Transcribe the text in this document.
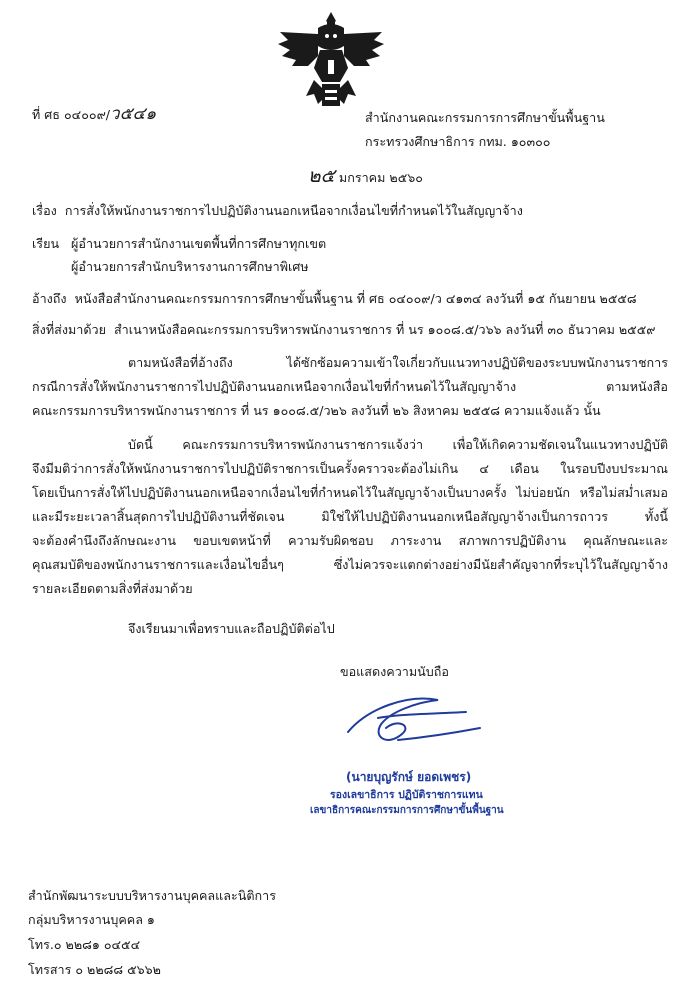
ที่ ศธ ๐๔๐๐๙/ว๕๔๑	สำนักงานคณะกรรมการการศึกษาขั้นพื้นฐาน
กระทรวงศึกษาธิการ กทม. ๑๐๓๐๐
๒๕ มกราคม ๒๕๖๐
เรื่อง การสั่งให้พนักงานราชการไปปฏิบัติงานนอกเหนือจากเงื่อนไขที่กำหนดไว้ในสัญญาจ้าง
เรียน ผู้อำนวยการสำนักงานเขตพื้นที่การศึกษาทุกเขต
ผู้อำนวยการสำนักบริหารงานการศึกษาพิเศษ
อ้างถึง หนังสือสำนักงานคณะกรรมการการศึกษาขั้นพื้นฐาน ที่ ศธ ๐๔๐๐๙/ว ๔๑๓๔ ลงวันที่ ๑๕ กันยายน ๒๕๕๘
สิ่งที่ส่งมาด้วย สำเนาหนังสือคณะกรรมการบริหารพนักงานราชการ ที่ นร ๑๐๐๘.๕/ว๖๖ ลงวันที่ ๓๐ ธันวาคม ๒๕๕๙
ตามหนังสือที่อ้างถึง ได้ซักซ้อมความเข้าใจเกี่ยวกับแนวทางปฏิบัติของระบบพนักงานราชการ
กรณีการสั่งให้พนักงานราชการไปปฏิบัติงานนอกเหนือจากเงื่อนไขที่กำหนดไว้ในสัญญาจ้าง ตามหนังสือ
คณะกรรมการบริหารพนักงานราชการ ที่ นร ๑๐๐๘.๕/ว๒๖ ลงวันที่ ๒๖ สิงหาคม ๒๕๕๘ ความแจ้งแล้ว นั้น
บัดนี้ คณะกรรมการบริหารพนักงานราชการแจ้งว่า เพื่อให้เกิดความชัดเจนในแนวทางปฏิบัติ
จึงมีมติว่าการสั่งให้พนักงานราชการไปปฏิบัติราชการเป็นครั้งคราวจะต้องไม่เกิน ๔ เดือน ในรอบปีงบประมาณ
โดยเป็นการสั่งให้ไปปฏิบัติงานนอกเหนือจากเงื่อนไขที่กำหนดไว้ในสัญญาจ้างเป็นบางครั้ง ไม่บ่อยนัก หรือไม่สม่ำเสมอ
และมีระยะเวลาสิ้นสุดการไปปฏิบัติงานที่ชัดเจน มิใช่ให้ไปปฏิบัติงานนอกเหนือสัญญาจ้างเป็นการถาวร ทั้งนี้
จะต้องคำนึงถึงลักษณะงาน ขอบเขตหน้าที่ ความรับผิดชอบ ภาระงาน สภาพการปฏิบัติงาน คุณลักษณะและ
คุณสมบัติของพนักงานราชการและเงื่อนไขอื่นๆ ซึ่งไม่ควรจะแตกต่างอย่างมีนัยสำคัญจากที่ระบุไว้ในสัญญาจ้าง
รายละเอียดตามสิ่งที่ส่งมาด้วย
จึงเรียนมาเพื่อทราบและถือปฏิบัติต่อไป
ขอแสดงความนับถือ
(นายบุญรักษ์ ยอดเพชร)
รองเลขาธิการ ปฏิบัติราชการแทน
เลขาธิการคณะกรรมการการศึกษาขั้นพื้นฐาน
สำนักพัฒนาระบบบริหารงานบุคคลและนิติการ
กลุ่มบริหารงานบุคคล ๑
โทร.๐ ๒๒๘๑ ๐๔๕๔
โทรสาร ๐ ๒๒๘๘ ๕๖๖๒
